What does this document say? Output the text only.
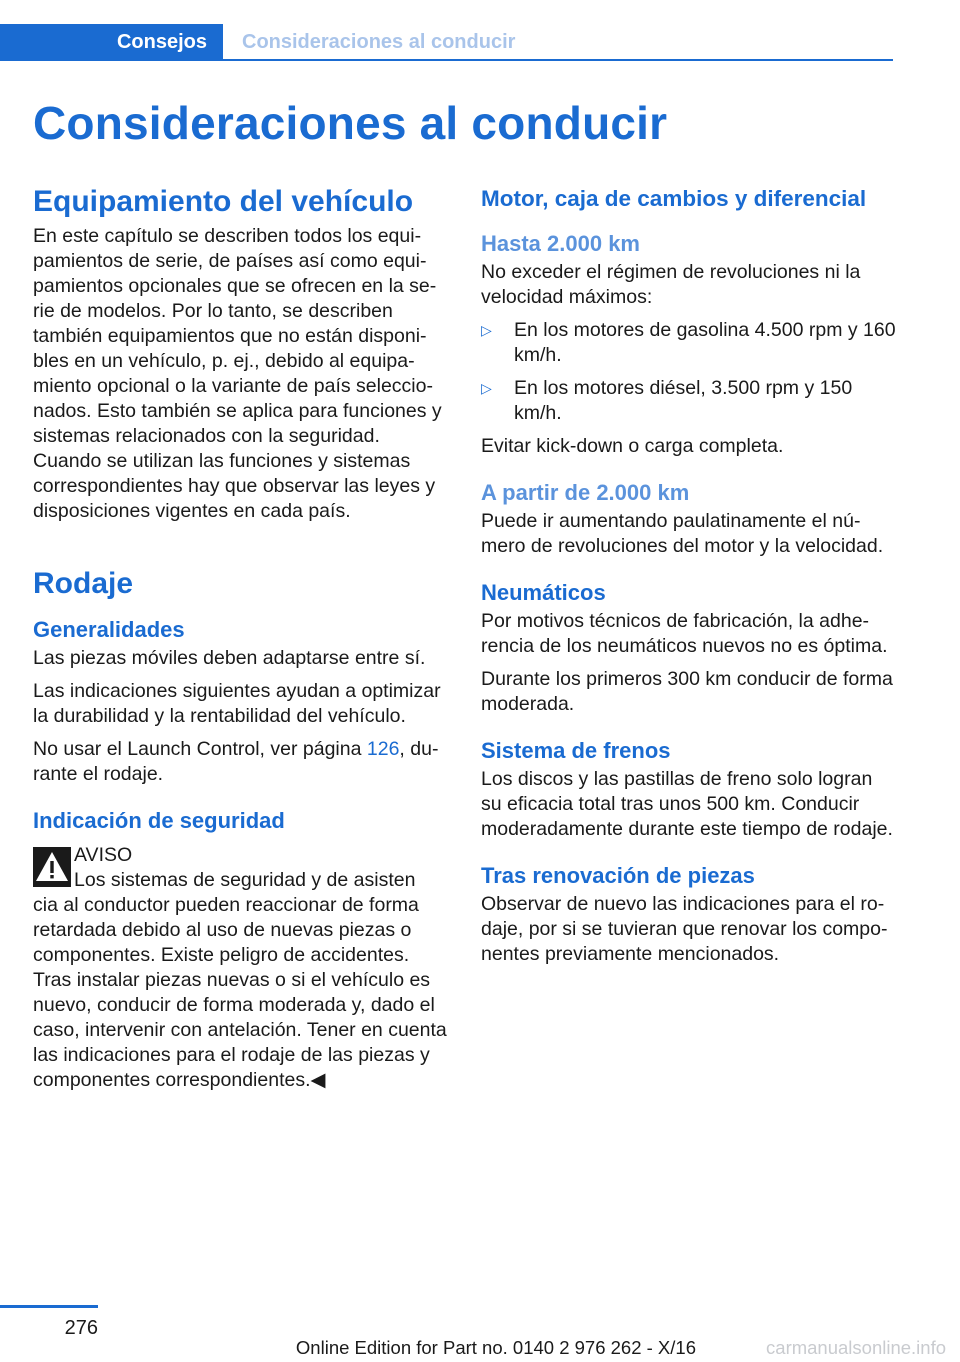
Consejos	Consideraciones al conducir
Consideraciones al conducir
Equipamiento del vehículo

En este capítulo se describen todos los equipamientos de serie, de países así como equipamientos opcionales que se ofrecen en la serie de modelos. Por lo tanto, se describen también equipamientos que no están disponibles en un vehículo, p. ej., debido al equipamiento opcional o la variante de país seleccionados. Esto también se aplica para funciones y sistemas relacionados con la seguridad. Cuando se utilizan las funciones y sistemas correspondientes hay que observar las leyes y disposiciones vigentes en cada país.

Rodaje
Generalidades

Las piezas móviles deben adaptarse entre sí.

Las indicaciones siguientes ayudan a optimizar la durabilidad y la rentabilidad del vehículo.

No usar el Launch Control, ver página 126, durante el rodaje.

Indicación de seguridad

AVISO

Los sistemas de seguridad y de asisten

cia al conductor pueden reaccionar de forma retardada debido al uso de nuevas piezas o componentes. Existe peligro de accidentes. Tras instalar piezas nuevas o si el vehículo es nuevo, conducir de forma moderada y, dado el caso, intervenir con antelación. Tener en cuenta las indicaciones para el rodaje de las piezas y componentes correspondientes.◀

Motor, caja de cambios y diferencial
Hasta 2.000 km

No exceder el régimen de revoluciones ni la velocidad máximos:

▷ En los motores de gasolina 4.500 rpm y 160 km/h.
▷ En los motores diésel, 3.500 rpm y 150 km/h.

Evitar kick-down o carga completa.

A partir de 2.000 km

Puede ir aumentando paulatinamente el número de revoluciones del motor y la velocidad.

Neumáticos

Por motivos técnicos de fabricación, la adherencia de los neumáticos nuevos no es óptima.

Durante los primeros 300 km conducir de forma moderada.

Sistema de frenos

Los discos y las pastillas de freno solo logran su eficacia total tras unos 500 km. Conducir moderadamente durante este tiempo de rodaje.

Tras renovación de piezas

Observar de nuevo las indicaciones para el rodaje, por si se tuvieran que renovar los componentes previamente mencionados.

276
Online Edition for Part no. 0140 2 976 262 - X/16	carmanualsonline.info
